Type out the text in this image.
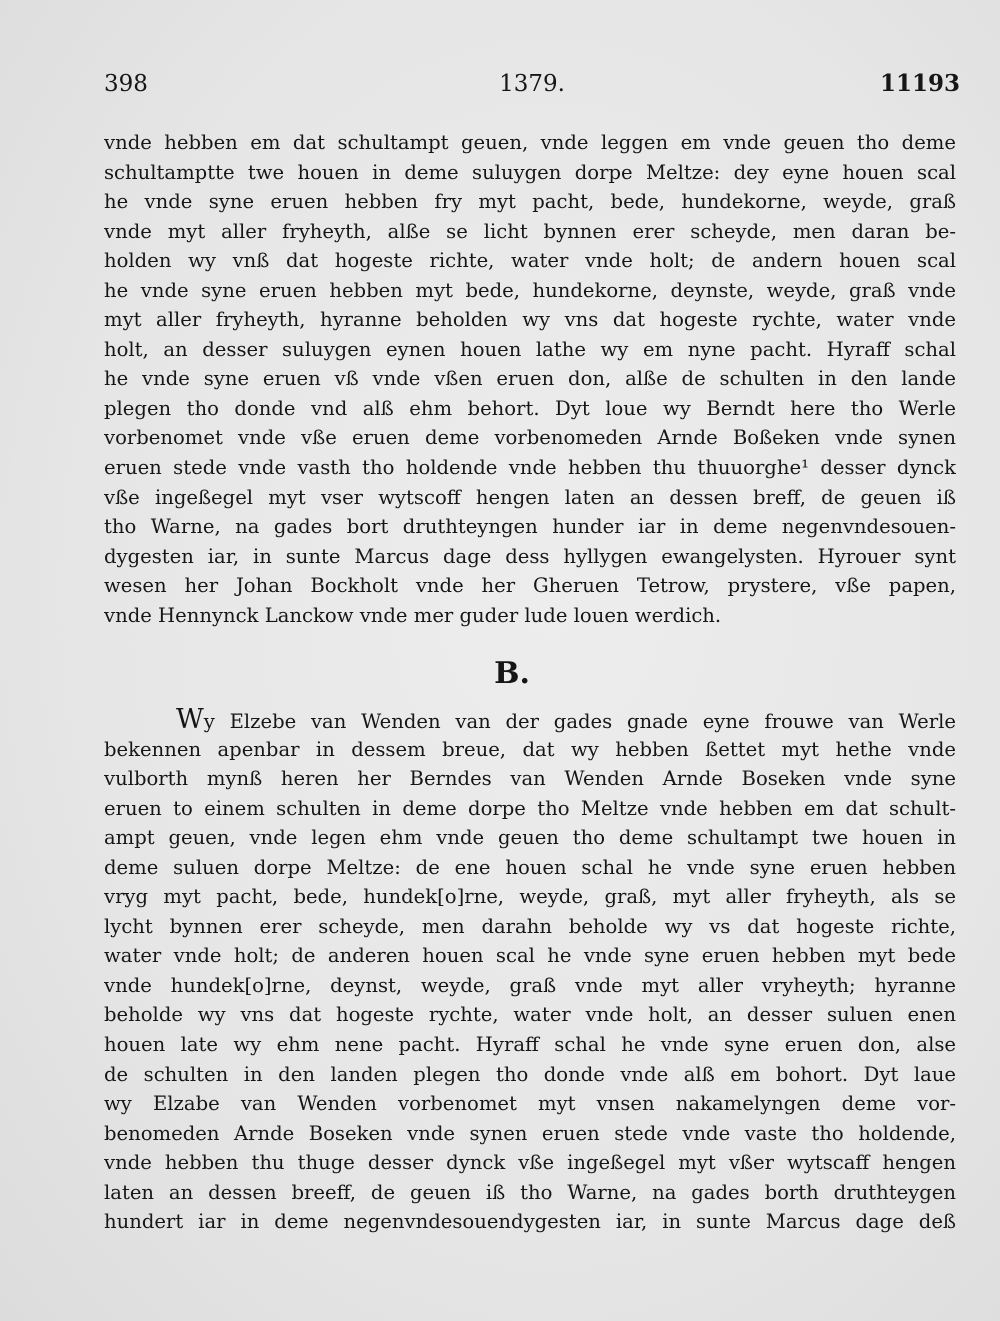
398	1379.	11193
vnde hebben em dat schultampt geuen, vnde leggen em vnde geuen tho deme
schultamptte twe houen in deme suluygen dorpe Meltze: dey eyne houen scal
he vnde syne eruen hebben fry myt pacht, bede, hundekorne, weyde, graß
vnde myt aller fryheyth, alße se licht bynnen erer scheyde, men daran be-
holden wy vnß dat hogeste richte, water vnde holt; de andern houen scal
he vnde syne eruen hebben myt bede, hundekorne, deynste, weyde, graß vnde
myt aller fryheyth, hyranne beholden wy vns dat hogeste rychte, water vnde
holt, an desser suluygen eynen houen lathe wy em nyne pacht. Hyraff schal
he vnde syne eruen vß vnde vßen eruen don, alße de schulten in den lande
plegen tho donde vnd alß ehm behort. Dyt loue wy Berndt here tho Werle
vorbenomet vnde vße eruen deme vorbenomeden Arnde Boßeken vnde synen
eruen stede vnde vasth tho holdende vnde hebben thu thuuorghe¹ desser dynck
vße ingeßegel myt vser wytscoff hengen laten an dessen breff, de geuen iß
tho Warne, na gades bort druthteyngen hunder iar in deme negenvndesouen-
dygesten iar, in sunte Marcus dage dess hyllygen ewangelysten. Hyrouer synt
wesen her Johan Bockholt vnde her Gheruen Tetrow, prystere, vße papen,
vnde Hennynck Lanckow vnde mer guder lude louen werdich.
B.
Wy Elzebe van Wenden van der gades gnade eyne frouwe van Werle
bekennen apenbar in dessem breue, dat wy hebben ßettet myt hethe vnde
vulborth mynß heren her Berndes van Wenden Arnde Boseken vnde syne
eruen to einem schulten in deme dorpe tho Meltze vnde hebben em dat schult-
ampt geuen, vnde legen ehm vnde geuen tho deme schultampt twe houen in
deme suluen dorpe Meltze: de ene houen schal he vnde syne eruen hebben
vryg myt pacht, bede, hundek[o]rne, weyde, graß, myt aller fryheyth, als se
lycht bynnen erer scheyde, men darahn beholde wy vs dat hogeste richte,
water vnde holt; de anderen houen scal he vnde syne eruen hebben myt bede
vnde hundek[o]rne, deynst, weyde, graß vnde myt aller vryheyth; hyranne
beholde wy vns dat hogeste rychte, water vnde holt, an desser suluen enen
houen late wy ehm nene pacht. Hyraff schal he vnde syne eruen don, alse
de schulten in den landen plegen tho donde vnde alß em bohort. Dyt laue
wy Elzabe van Wenden vorbenomet myt vnsen nakamelyngen deme vor-
benomeden Arnde Boseken vnde synen eruen stede vnde vaste tho holdende,
vnde hebben thu thuge desser dynck vße ingeßegel myt vßer wytscaff hengen
laten an dessen breeff, de geuen iß tho Warne, na gades borth druthteygen
hundert iar in deme negenvndesouendygesten iar, in sunte Marcus dage deß
